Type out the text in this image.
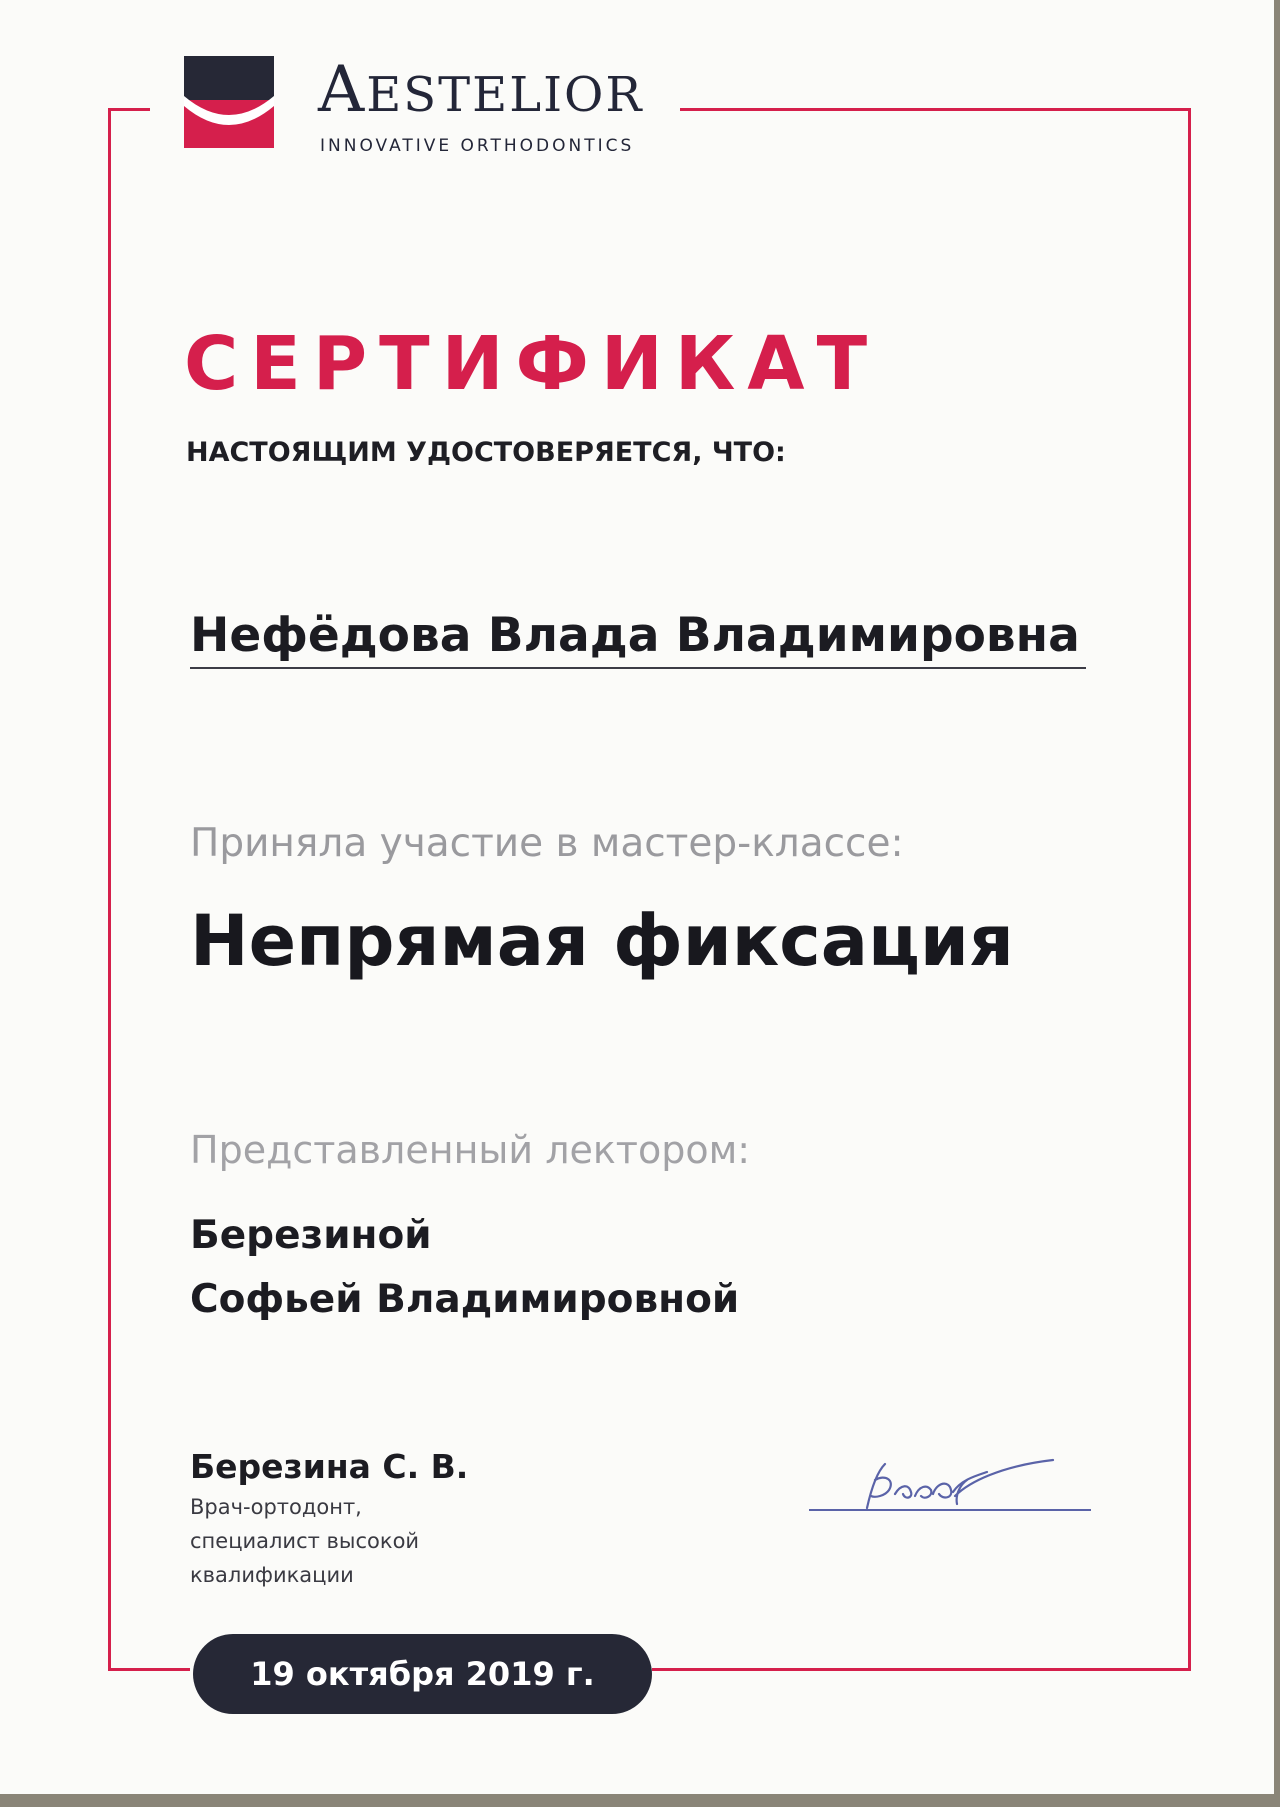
AESTELIOR
INNOVATIVE ORTHODONTICS
СЕРТИФИКАТ
НАСТОЯЩИМ УДОСТОВЕРЯЕТСЯ, ЧТО:
Нефёдова Влада Владимировна
Приняла участие в мастер-классе:
Непрямая фиксация
Представленный лектором:
Березиной
Софьей Владимировной
Березина С. В.
Врач-ортодонт,
специалист высокой
квалификации
19 октября 2019 г.
